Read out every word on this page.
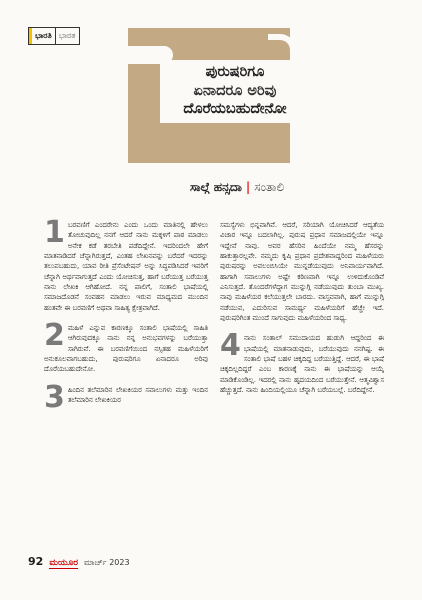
ಭಾರತಿ ಭಾರತ
ಪುರುಷರಿಗೂ
ಏನಾದರೂ ಅರಿವು
ದೊರೆಯಬಹುದೇನೋ
ಸಾಲ್ಗೆ ಹನ್ಸದಾ | ಸಂತಾಲಿ

1 ಬರವಣಿಗೆ ಎಂದರೇನು ಎಂದು ಒಂದು ಮಾತಿನಲ್ಲಿ ಹೇಳಲು ತೋಚುವುದಿಲ್ಲ ನನಗೆ ಆದರೆ ನಾನು ಮಕ್ಕಳಿಗೆ ಪಾಠ ಮಾಡಲು ಅನೇಕ ಕಡೆ ತರಬೇತಿ ಪಡೆದಿದ್ದೇನೆ. ಇದರಿಂದಲೇ ಹೇಗೆ ಮಾತನಾಡಿದರೆ ಚೆನ್ನಾಗಿರುತ್ತದೆ, ಎಂತಹ ಲೇಖನವನ್ನು ಬರೆದರೆ ಇದರನ್ನು ತಲುಪಬಹುದು, ಯಾವ ರೀತಿ ಪ್ರೆಸೆಂಟೇಷನ್ ಅನ್ನು ಸಿದ್ಧಪಡಿಸಿದರೆ ಇವರಿಗೆ ಚೆನ್ನಾಗಿ ಅರ್ಥವಾಗುತ್ತದೆ ಎಂದು ಯೋಚಿಸುತ್ತ, ಹಾಗೆ ಬರೆಯುತ್ತ ಬರೆಯುತ್ತ ನಾನು ಲೇಖಕಿ ಆಗಿಹೋದೆ. ನನ್ನ ಪಾಲಿಗೆ, ಸಂತಾಲಿ ಭಾಷೆಯಲ್ಲಿ ಸಮಾಜದೊಡನೆ ಸಂವಹನ ಮಾಡಲು ಇರುವ ಮಾಧ್ಯಮದ ಮುಂದಿನ ಹಂತವೇ ಈ ಬರವಣಿಗೆ ಅಥವಾ ಸಾಹಿತ್ಯ ಕ್ಷೇತ್ರವಾಗಿದೆ.

2 ಮಹಿಳೆ ಎನ್ನುವ ಕಾರಣಕ್ಕೂ ಸಂತಾಲಿ ಭಾಷೆಯಲ್ಲಿ ಸಾಹಿತಿ ಆಗಿರುವುದಕ್ಕೂ ನಾನು ನನ್ನ ಅನುಭವಗಳನ್ನು ಬರೆಯುತ್ತಾ ಸಾಗಿರುವೆ. ಈ ಬರವಣಿಗೆಯಿಂದ ನಸ್ಸಿತಹ ಮಹಿಳೆಯರಿಗೆ ಅನುಕೂಲವಾಗಬಹುದು, ಪುರುಷರಿಗೂ ಏನಾದರೂ ಅರಿವು ದೊರೆಯಬಹುದೇನೋ.

3 ಹಿಂದಿನ ತಲೆಮಾರಿನ ಲೇಖಕಿಯರ ಸವಾಲುಗಳು ಮತ್ತು ಇಂದಿನ ತಲೆಮಾರಿನ ಲೇಖಕಿಯರ

ಸಮಸ್ಯೆಗಳು ಭಿನ್ನವಾಗಿವೆ. ಆದರೆ, ಸರಿಯಾಗಿ ಯೋಚಿಸಿದರೆ ಆದ್ಯತೆಯ ವಿಚಾರ ಇನ್ನೂ ಬದಲಾಗಿಲ್ಲ. ಪುರುಷ ಪ್ರಧಾನ ಸಮಾಜದಲ್ಲಿಯೇ ಇನ್ನೂ ಇದ್ದೇವೆ ನಾವು. ಅವರ ಹೆಸರಿನ ಹಿಂದೆಯೇ ನಮ್ಮ ಹೆಸರನ್ನು ಹಾಕುತ್ತಾರಲ್ಲವೇ. ನಮ್ಮದು ಕೃಷಿ ಪ್ರಧಾನ ಪ್ರದೇಶವಾದ್ದರಿಂದ ಮಹಿಳೆಯರು ಪುರುಷರನ್ನು ಅವಲಂಬಿಸಿಯೇ ಮುನ್ನಡೆಯುವುದು ಅನಿವಾರ್ಯವಾಗಿದೆ. ಹಾಗಾಗಿ ಸವಾಲುಗಳು ಅಷ್ಟೇ ಕಠಿಣವಾಗಿ ಇನ್ನೂ ಉಳಿದುಕೊಂಡಿವೆ ಎನಿಸುತ್ತದೆ. ತೊಂದರೆಗಳೆದ್ದಾಗ ಮುನ್ನುಗ್ಗಿ ನಡೆಯುವುದು ತುಂಬಾ ಮುಖ್ಯ. ನಾವು ಮಹಿಳೆಯರ ಕಲೆಯುತ್ತಲೇ ಬಾರದು. ವಾಸ್ತವವಾಗಿ, ಹಾಗೆ ಮುನ್ನುಗ್ಗಿ ನಡೆಯುವ, ಎದುರಿಸುವ ಸಾಮರ್ಥ್ಯ ಮಹಿಳೆಯರಿಗೆ ಹೆಚ್ಚೇ ಇದೆ. ಪುರುಷರಿಗಿಂತ ಮುಂದೆ ಸಾಗುವುದು ಮಹಿಳೆಯರಿಂದ ಸಾಧ್ಯ.

4 ನಾನು ಸಂತಾಲ್ ಸಮುದಾಯದ ಹುಡುಗಿ ಆದ್ದರಿಂದ ಈ ಭಾಷೆಯಲ್ಲಿ ಮಾತನಾಡುವುದು, ಬರೆಯುವುದು ನನಗಿಷ್ಟ. ಈ ಸಂತಾಲಿ ಭಾಷೆ ಬಹಳ ಚಿಕ್ಕದಿದ್ದ ಬರೆಯುತ್ತಿದ್ದೆ. ಆದರೆ, ಈ ಭಾಷೆ ಚಿಕ್ಕದಿಲ್ಲದಿದ್ದರೆ ಎಂಬ ಕಾರಣಕ್ಕೆ ನಾನು ಈ ಭಾಷೆಯನ್ನು ಆಯ್ಕೆ ಮಾಡಿಕೊಂಡಿಲ್ಲ. ಇದರಲ್ಲಿ ನಾನು ಹೃದಯದಿಂದ ಬರೆಯುತ್ತೇನೆ. ಆತ್ಮವಿಶ್ವಾಸ ಹೆಚ್ಚುತ್ತದೆ. ನಾನು ಹಿಂದಿಯಲ್ಲಿಯೂ ಚೆನ್ನಾಗಿ ಬರೆಯಬಲ್ಲೆ. ಬರೆದಿದ್ದೇನೆ.

92 ಮಯೂರ ಮಾರ್ಚ್ 2023
